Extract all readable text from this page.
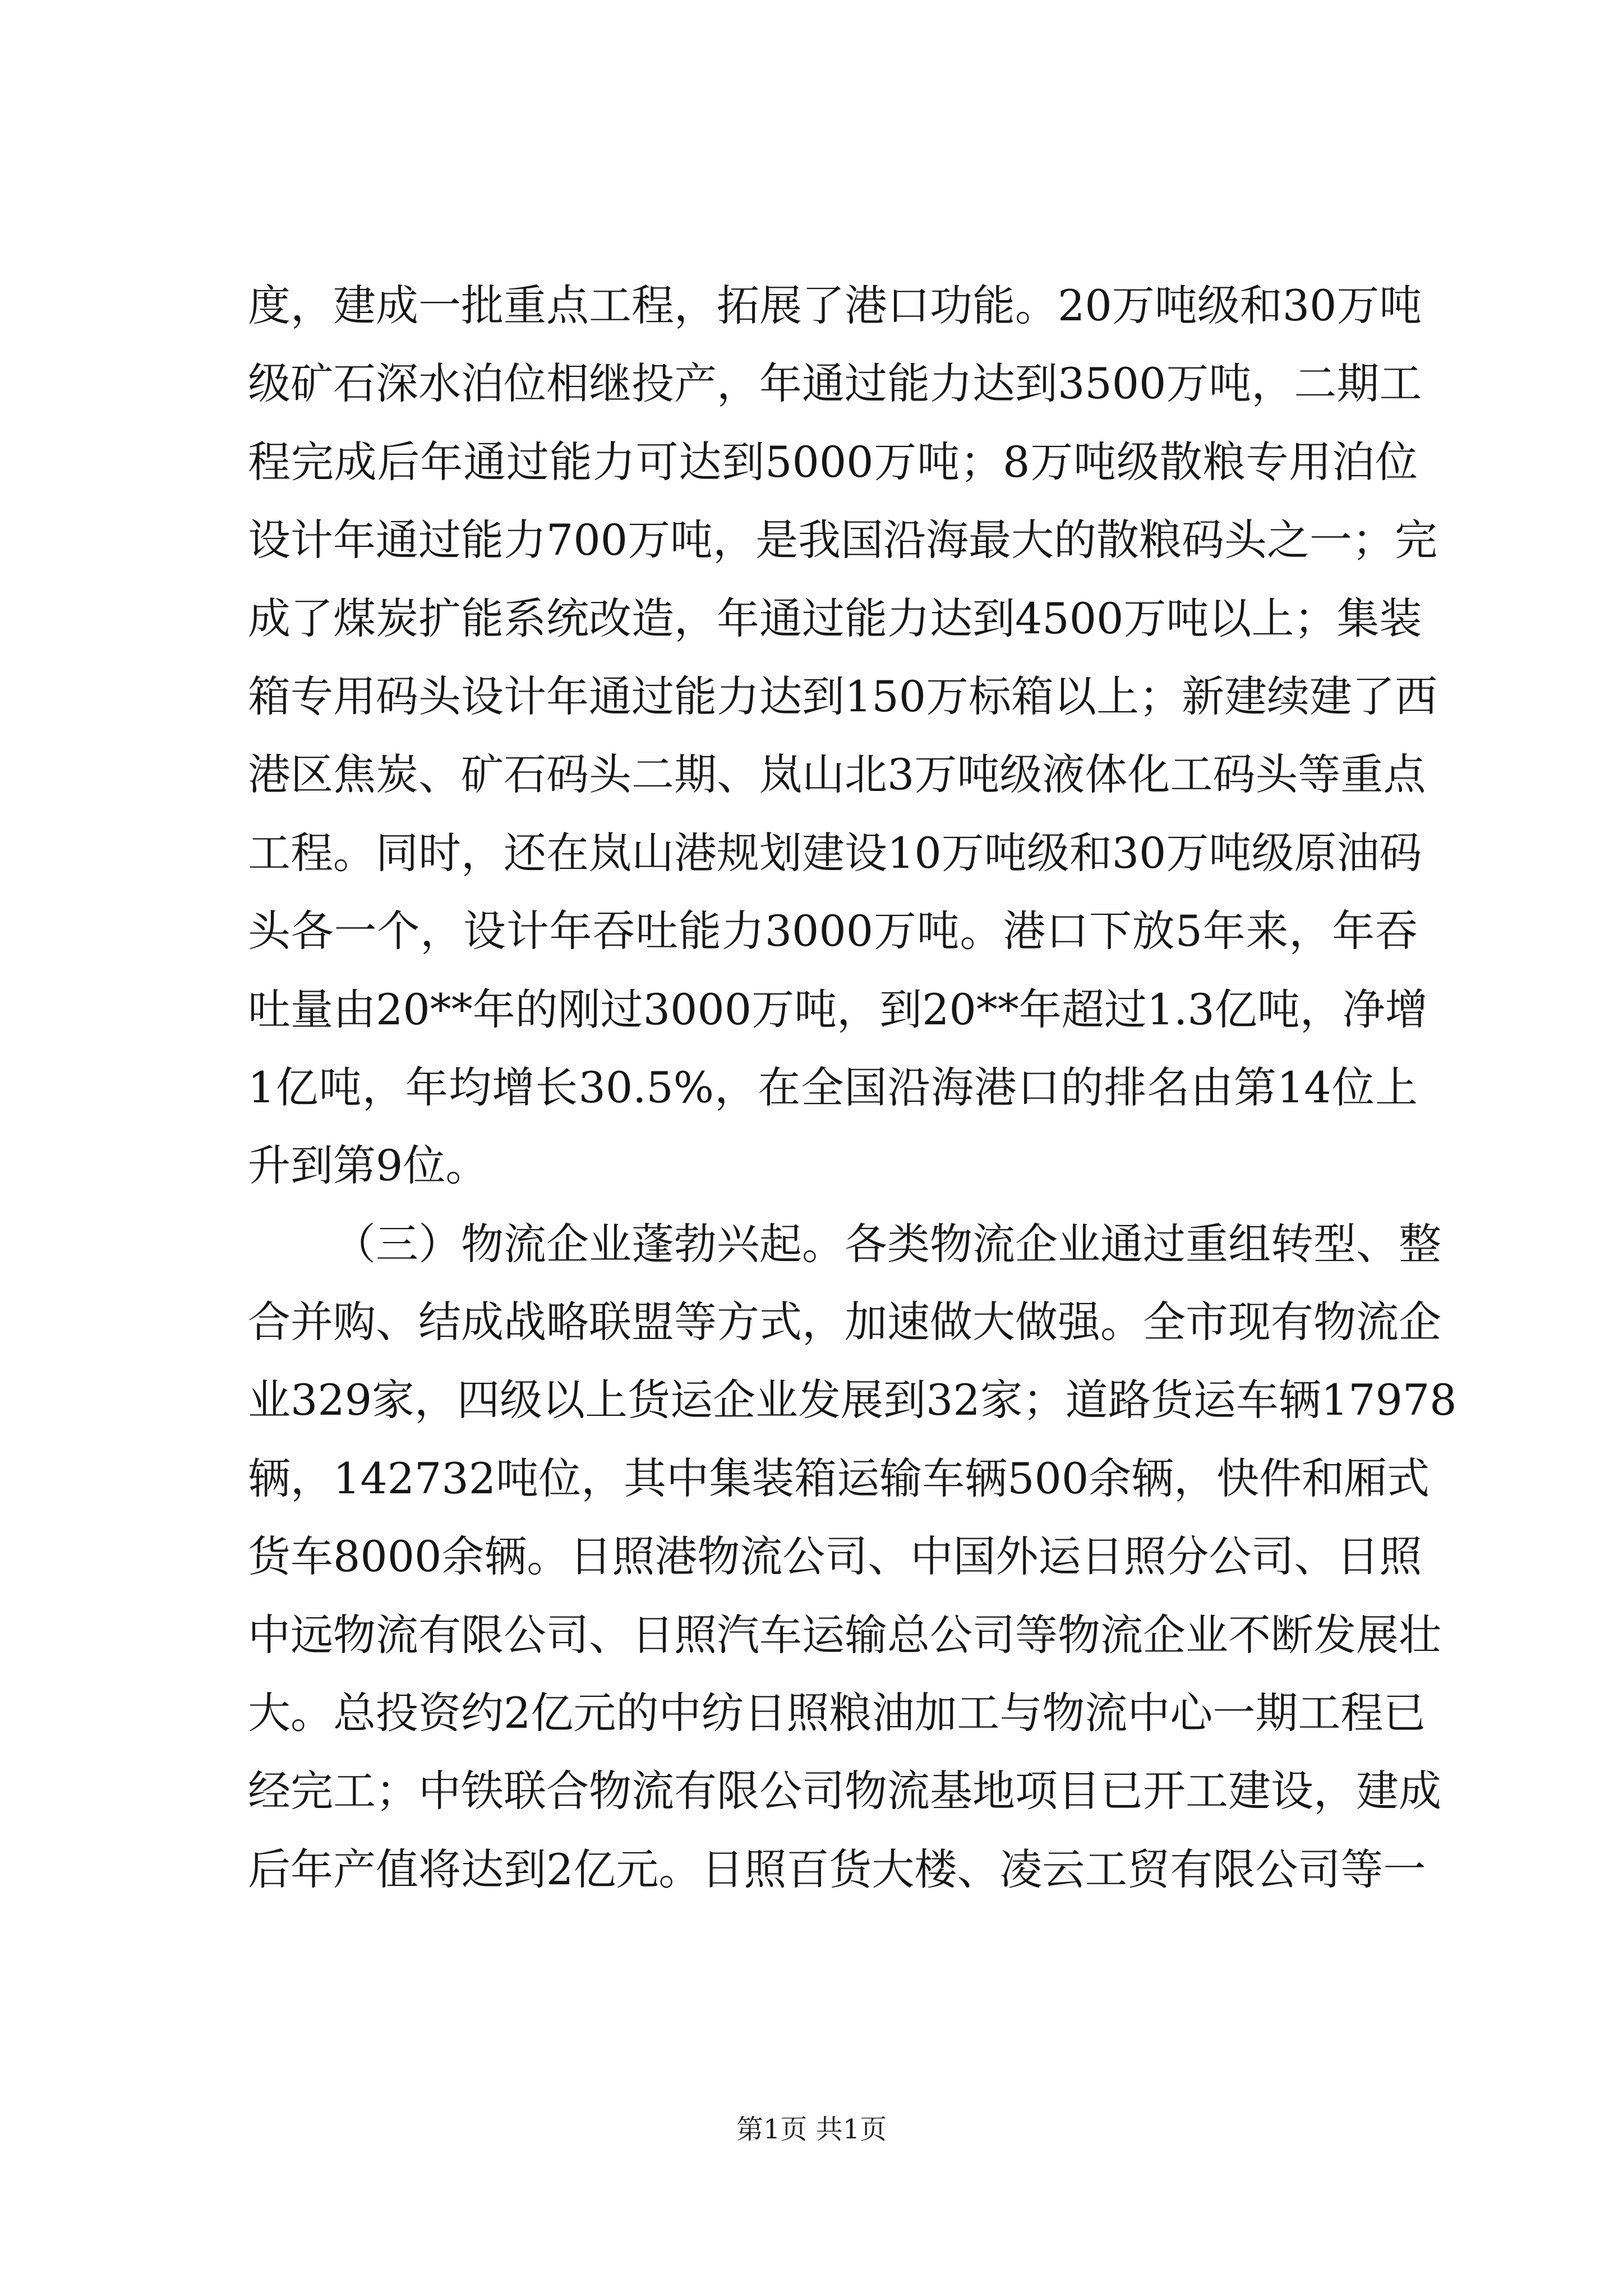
度，建成一批重点工程，拓展了港口功能。20万吨级和30万吨
级矿石深水泊位相继投产，年通过能力达到3500万吨，二期工
程完成后年通过能力可达到5000万吨；8万吨级散粮专用泊位
设计年通过能力700万吨，是我国沿海最大的散粮码头之一；完
成了煤炭扩能系统改造，年通过能力达到4500万吨以上；集装
箱专用码头设计年通过能力达到150万标箱以上；新建续建了西
港区焦炭、矿石码头二期、岚山北3万吨级液体化工码头等重点
工程。同时，还在岚山港规划建设10万吨级和30万吨级原油码
头各一个，设计年吞吐能力3000万吨。港口下放5年来，年吞
吐量由20**年的刚过3000万吨，到20**年超过1.3亿吨，净增
1亿吨，年均增长30.5%，在全国沿海港口的排名由第14位上
升到第9位。
（三）物流企业蓬勃兴起。各类物流企业通过重组转型、整
合并购、结成战略联盟等方式，加速做大做强。全市现有物流企
业329家，四级以上货运企业发展到32家；道路货运车辆17978
辆，142732吨位，其中集装箱运输车辆500余辆，快件和厢式
货车8000余辆。日照港物流公司、中国外运日照分公司、日照
中远物流有限公司、日照汽车运输总公司等物流企业不断发展壮
大。总投资约2亿元的中纺日照粮油加工与物流中心一期工程已
经完工；中铁联合物流有限公司物流基地项目已开工建设，建成
后年产值将达到2亿元。日照百货大楼、凌云工贸有限公司等一
第1页 共1页
